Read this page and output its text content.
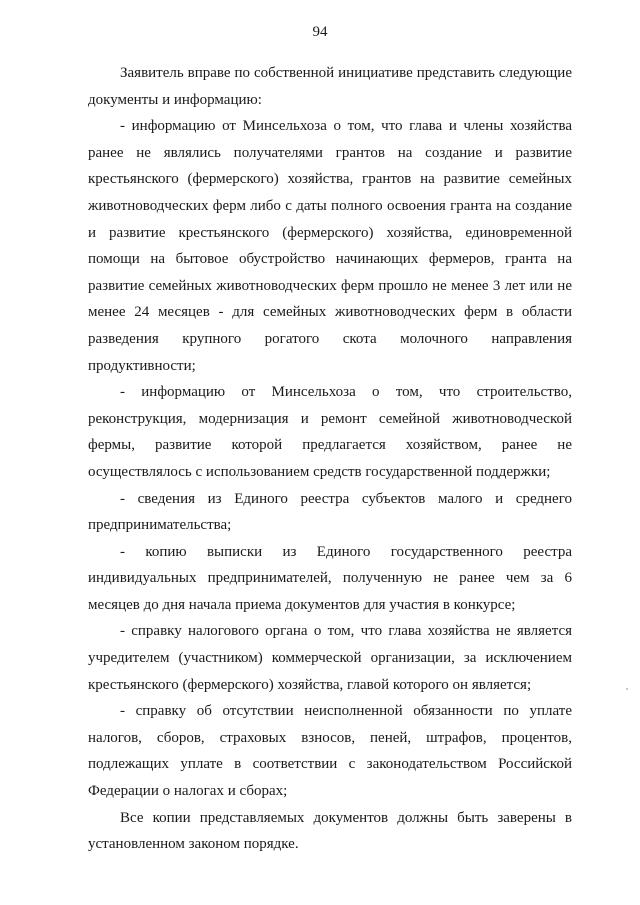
94

Заявитель вправе по собственной инициативе представить следующие документы и информацию:

- информацию от Минсельхоза о том, что глава и члены хозяйства ранее не являлись получателями грантов на создание и развитие крестьянского (фермерского) хозяйства, грантов на развитие семейных животноводческих ферм либо с даты полного освоения гранта на создание и развитие крестьянского (фермерского) хозяйства, единовременной помощи на бытовое обустройство начинающих фермеров, гранта на развитие семейных животноводческих ферм прошло не менее 3 лет или не менее 24 месяцев - для семейных животноводческих ферм в области разведения крупного рогатого скота молочного направления продуктивности;

- информацию от Минсельхоза о том, что строительство, реконструкция, модернизация и ремонт семейной животноводческой фермы, развитие которой предлагается хозяйством, ранее не осуществлялось с использованием средств государственной поддержки;

- сведения из Единого реестра субъектов малого и среднего предпринимательства;

- копию выписки из Единого государственного реестра индивидуальных предпринимателей, полученную не ранее чем за 6 месяцев до дня начала приема документов для участия в конкурсе;

- справку налогового органа о том, что глава хозяйства не является учредителем (участником) коммерческой организации, за исключением крестьянского (фермерского) хозяйства, главой которого он является;

- справку об отсутствии неисполненной обязанности по уплате налогов, сборов, страховых взносов, пеней, штрафов, процентов, подлежащих уплате в соответствии с законодательством Российской Федерации о налогах и сборах;

Все копии представляемых документов должны быть заверены в установленном законом порядке.
